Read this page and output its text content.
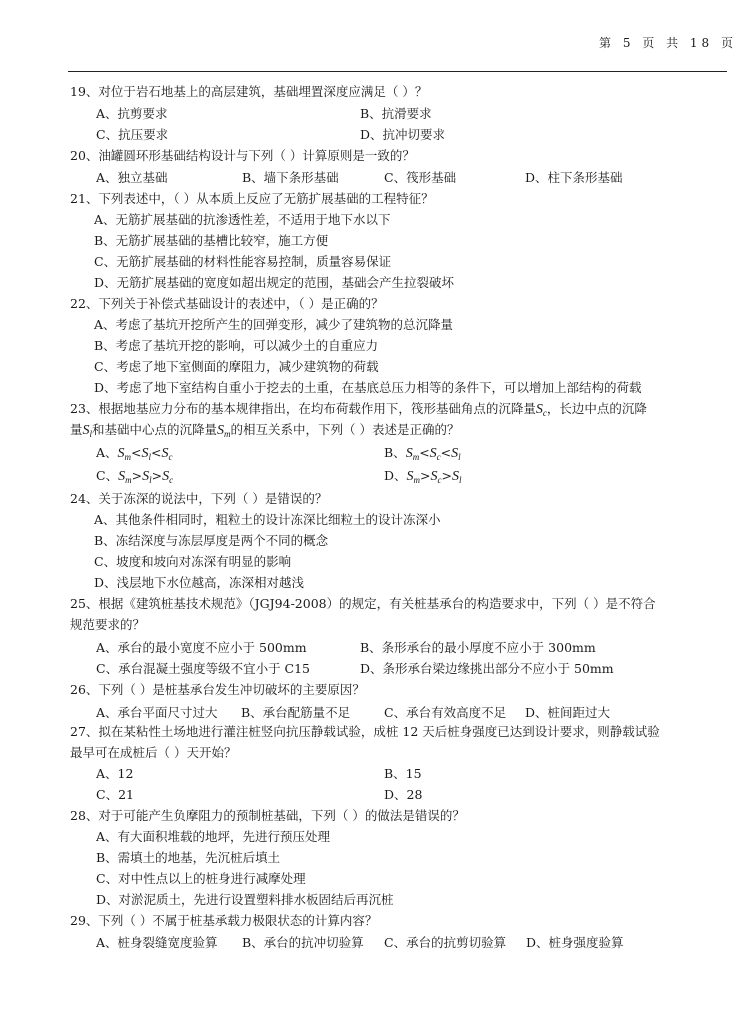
第 5 页 共 18 页
19、对位于岩石地基上的高层建筑，基础埋置深度应满足（ ）？
A、抗剪要求	B、抗滑要求
C、抗压要求	D、抗冲切要求
20、油罐圆环形基础结构设计与下列（ ）计算原则是一致的？
A、独立基础	B、墙下条形基础	C、筏形基础	D、柱下条形基础
21、下列表述中，（ ）从本质上反应了无筋扩展基础的工程特征？
A、无筋扩展基础的抗渗透性差，不适用于地下水以下
B、无筋扩展基础的基槽比较窄，施工方便
C、无筋扩展基础的材料性能容易控制，质量容易保证
D、无筋扩展基础的宽度如超出规定的范围，基础会产生拉裂破坏
22、下列关于补偿式基础设计的表述中，（ ）是正确的？
A、考虑了基坑开挖所产生的回弹变形，减少了建筑物的总沉降量
B、考虑了基坑开挖的影响，可以减少土的自重应力
C、考虑了地下室侧面的摩阻力，减少建筑物的荷载
D、考虑了地下室结构自重小于挖去的土重，在基底总压力相等的条件下，可以增加上部结构的荷载
23、根据地基应力分布的基本规律指出，在均布荷载作用下，筏形基础角点的沉降量$S_c$，长边中点的沉降
量$S_l$和基础中心点的沉降量$S_m$的相互关系中，下列（ ）表述是正确的？
A、$S_m<S_l<S_c$	B、$S_m<S_c<S_l$
C、$S_m>S_l>S_c$	D、$S_m>S_c>S_l$
24、关于冻深的说法中，下列（ ）是错误的？
A、其他条件相同时，粗粒土的设计冻深比细粒土的设计冻深小
B、冻结深度与冻层厚度是两个不同的概念
C、坡度和坡向对冻深有明显的影响
D、浅层地下水位越高，冻深相对越浅
25、根据《建筑桩基技术规范》（JGJ94-2008）的规定，有关桩基承台的构造要求中，下列（ ）是不符合
规范要求的？
A、承台的最小宽度不应小于 500mm	B、条形承台的最小厚度不应小于 300mm
C、承台混凝土强度等级不宜小于 C15	D、条形承台梁边缘挑出部分不应小于 50mm
26、下列（ ）是桩基承台发生冲切破坏的主要原因？
A、承台平面尺寸过大 B、承台配筋量不足	C、承台有效高度不足 D、桩间距过大
27、拟在某粘性土场地进行灌注桩竖向抗压静载试验，成桩 12 天后桩身强度已达到设计要求，则静载试验
最早可在成桩后（ ）天开始？
A、12	B、15
C、21	D、28
28、对于可能产生负摩阻力的预制桩基础，下列（ ）的做法是错误的？
A、有大面积堆载的地坪，先进行预压处理
B、需填土的地基，先沉桩后填土
C、对中性点以上的桩身进行减摩处理
D、对淤泥质土，先进行设置塑料排水板固结后再沉桩
29、下列（ ）不属于桩基承载力极限状态的计算内容？
A、桩身裂缝宽度验算 B、承台的抗冲切验算 C、承台的抗剪切验算 D、桩身强度验算
